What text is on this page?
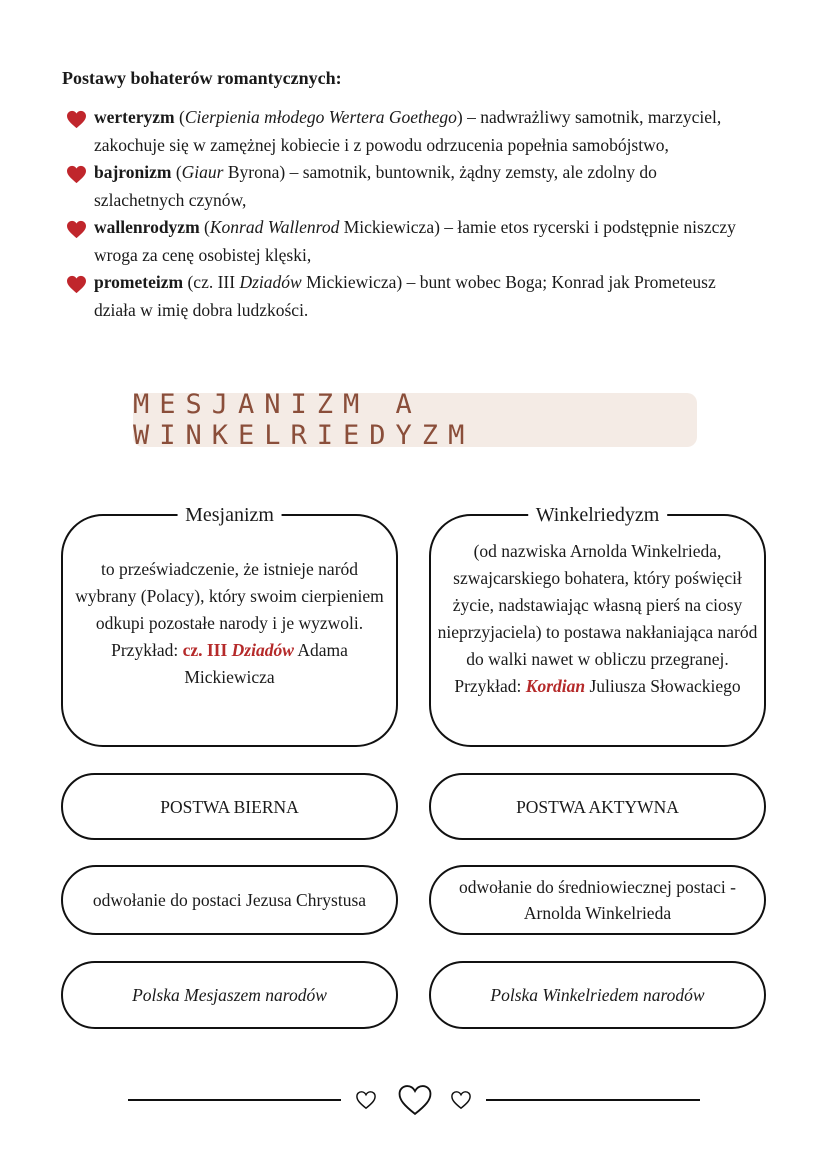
Postawy bohaterów romantycznych:
werteryzm (Cierpienia młodego Wertera Goethego) – nadwrażliwy samotnik, marzyciel, zakochuje się w zamężnej kobiecie i z powodu odrzucenia popełnia samobójstwo,
bajronizm (Giaur Byrona) – samotnik, buntownik, żądny zemsty, ale zdolny do szlachetnych czynów,
wallenrodyzm (Konrad Wallenrod Mickiewicza) – łamie etos rycerski i podstępnie niszczy wroga za cenę osobistej klęski,
prometeizm (cz. III Dziadów Mickiewicza) – bunt wobec Boga; Konrad jak Prometeusz działa w imię dobra ludzkości.
MESJANIZM A WINKELRIEDYZM
Mesjanizm
to przeświadczenie, że istnieje naród wybrany (Polacy), który swoim cierpieniem odkupi pozostałe narody i je wyzwoli.
Przykład: cz. III Dziadów Adama Mickiewicza
Winkelriedyzm
(od nazwiska Arnolda Winkelrieda, szwajcarskiego bohatera, który poświęcił życie, nadstawiając własną pierś na ciosy nieprzyjaciela) to postawa nakłaniająca naród do walki nawet w obliczu przegranej.
Przykład: Kordian Juliusza Słowackiego
POSTWA BIERNA	POSTWA AKTYWNA
odwołanie do postaci Jezusa Chrystusa
odwołanie do średniowiecznej postaci - Arnolda Winkelrieda
Polska Mesjaszem narodów	Polska Winkelriedem narodów
